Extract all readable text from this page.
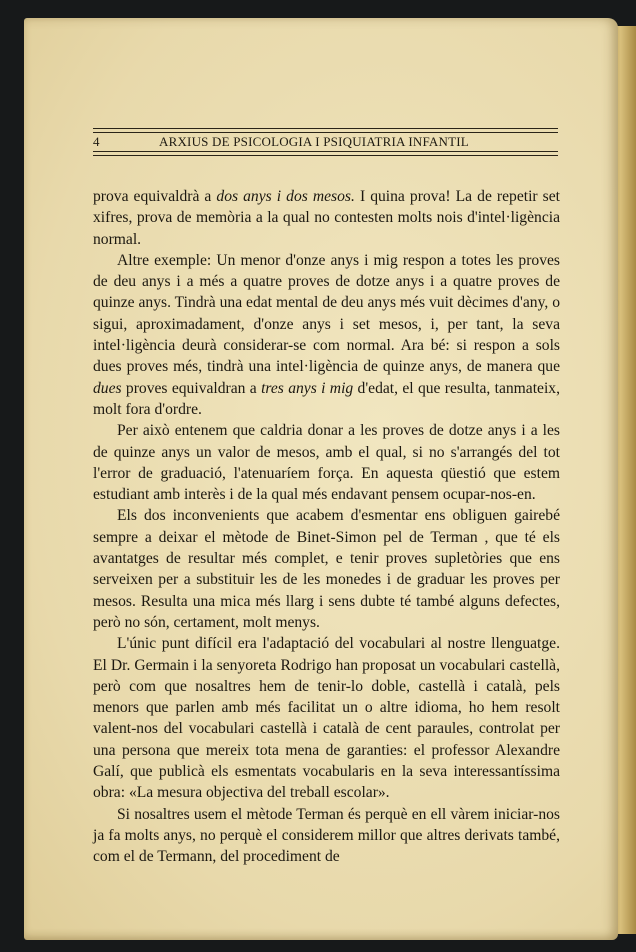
4	ARXIUS DE PSICOLOGIA I PSIQUIATRIA INFANTIL

prova equivaldrà a dos anys i dos mesos. I quina prova! La de repetir set xifres, prova de memòria a la qual no contesten molts nois d'intel·ligència normal.

Altre exemple: Un menor d'onze anys i mig respon a totes les proves de deu anys i a més a quatre proves de dotze anys i a quatre proves de quinze anys. Tindrà una edat mental de deu anys més vuit dècimes d'any, o sigui, aproximadament, d'onze anys i set mesos, i, per tant, la seva intel·ligència deurà considerar-se com normal. Ara bé: si respon a sols dues proves més, tindrà una intel·ligència de quinze anys, de manera que dues proves equivaldran a tres anys i mig d'edat, el que resulta, tanmateix, molt fora d'ordre.

Per això entenem que caldria donar a les proves de dotze anys i a les de quinze anys un valor de mesos, amb el qual, si no s'arrangés del tot l'error de graduació, l'atenuaríem força. En aquesta qüestió que estem estudiant amb interès i de la qual més endavant pensem ocupar-nos-en.

Els dos inconvenients que acabem d'esmentar ens obliguen gairebé sempre a deixar el mètode de Binet-Simon pel de Terman , que té els avantatges de resultar més complet, e tenir proves supletòries que ens serveixen per a substituir les de les monedes i de graduar les proves per mesos. Resulta una mica més llarg i sens dubte té també alguns defectes, però no són, certament, molt menys.

L'únic punt difícil era l'adaptació del vocabulari al nostre llenguatge. El Dr. Germain i la senyoreta Rodrigo han proposat un vocabulari castellà, però com que nosaltres hem de tenir-lo doble, castellà i català, pels menors que parlen amb més facilitat un o altre idioma, ho hem resolt valent-nos del vocabulari castellà i català de cent paraules, controlat per una persona que mereix tota mena de garanties: el professor Alexandre Galí, que publicà els esmentats vocabularis en la seva interessantíssima obra: «La mesura objectiva del treball escolar».

Si nosaltres usem el mètode Terman és perquè en ell vàrem iniciar-nos ja fa molts anys, no perquè el considerem millor que altres derivats també, com el de Termann, del procediment de
